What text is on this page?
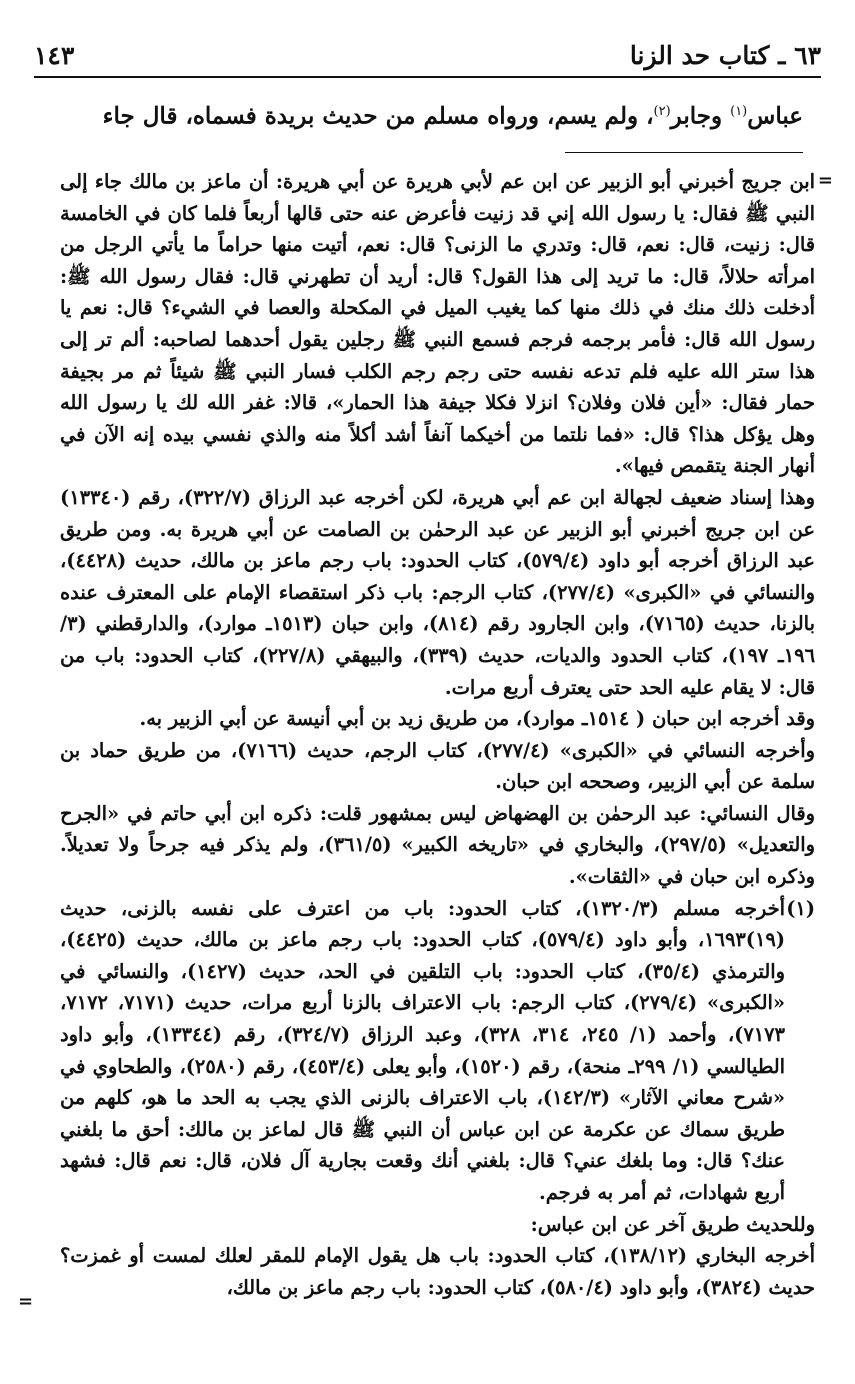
١٤٣	٦٣ ـ كتاب حد الزنا
عباس$^{(١)}$ وجابر$^{(٢)}$، ولم يسم، ورواه مسلم من حديث بريدة فسماه، قال جاء
=

ابن جريج أخبرني أبو الزبير عن ابن عم لأبي هريرة عن أبي هريرة: أن ماعز بن مالك جاء إلى النبي ﷺ فقال: يا رسول الله إني قد زنيت فأعرض عنه حتى قالها أربعاً فلما كان في الخامسة قال: زنيت، قال: نعم، قال: وتدري ما الزنى؟ قال: نعم، أتيت منها حراماً ما يأتي الرجل من امرأته حلالاً، قال: ما تريد إلى هذا القول؟ قال: أريد أن تطهرني قال: فقال رسول الله ﷺ: أدخلت ذلك منك في ذلك منها كما يغيب الميل في المكحلة والعصا في الشيء؟ قال: نعم يا رسول الله قال: فأمر برجمه فرجم فسمع النبي ﷺ رجلين يقول أحدهما لصاحبه: ألم تر إلى هذا ستر الله عليه فلم تدعه نفسه حتى رجم رجم الكلب فسار النبي ﷺ شيئاً ثم مر بجيفة حمار فقال: «أين فلان وفلان؟ انزلا فكلا جيفة هذا الحمار»، قالا: غفر الله لك يا رسول الله وهل يؤكل هذا؟ قال: «فما نلتما من أخيكما آنفاً أشد أكلاً منه والذي نفسي بيده إنه الآن في أنهار الجنة يتقمص فيها».

وهذا إسناد ضعيف لجهالة ابن عم أبي هريرة، لكن أخرجه عبد الرزاق (٣٢٢/٧)، رقم (١٣٣٤٠) عن ابن جريج أخبرني أبو الزبير عن عبد الرحمٰن بن الصامت عن أبي هريرة به. ومن طريق عبد الرزاق أخرجه أبو داود (٥٧٩/٤)، كتاب الحدود: باب رجم ماعز بن مالك، حديث (٤٤٢٨)، والنسائي في «الكبرى» (٢٧٧/٤)، كتاب الرجم: باب ذكر استقصاء الإمام على المعترف عنده بالزنا، حديث (٧١٦٥)، وابن الجارود رقم (٨١٤)، وابن حبان (١٥١٣ـ موارد)، والدارقطني (٣/ ١٩٦ـ ١٩٧)، كتاب الحدود والديات، حديث (٣٣٩)، والبيهقي (٢٢٧/٨)، كتاب الحدود: باب من قال: لا يقام عليه الحد حتى يعترف أربع مرات.

وقد أخرجه ابن حبان ( ١٥١٤ـ موارد)، من طريق زيد بن أبي أنيسة عن أبي الزبير به.

وأخرجه النسائي في «الكبرى» (٢٧٧/٤)، كتاب الرجم، حديث (٧١٦٦)، من طريق حماد بن سلمة عن أبي الزبير، وصححه ابن حبان.

وقال النسائي: عبد الرحمٰن بن الهضهاض ليس بمشهور قلت: ذكره ابن أبي حاتم في «الجرح والتعديل» (٢٩٧/٥)، والبخاري في «تاريخه الكبير» (٣٦١/٥)، ولم يذكر فيه جرحاً ولا تعديلاً. وذكره ابن حبان في «الثقات».

(١)
أخرجه مسلم (١٣٢٠/٣)، كتاب الحدود: باب من اعترف على نفسه بالزنى، حديث (١٩)١٦٩٣، وأبو داود (٥٧٩/٤)، كتاب الحدود: باب رجم ماعز بن مالك، حديث (٤٤٢٥)، والترمذي (٣٥/٤)، كتاب الحدود: باب التلقين في الحد، حديث (١٤٢٧)، والنسائي في «الكبرى» (٢٧٩/٤)، كتاب الرجم: باب الاعتراف بالزنا أربع مرات، حديث (٧١٧١، ٧١٧٢، ٧١٧٣)، وأحمد (١/ ٢٤٥، ٣١٤، ٣٢٨)، وعبد الرزاق (٣٢٤/٧)، رقم (١٣٣٤٤)، وأبو داود الطيالسي (١/ ٢٩٩ـ منحة)، رقم (١٥٢٠)، وأبو يعلى (٤٥٣/٤)، رقم (٢٥٨٠)، والطحاوي في «شرح معاني الآثار» (١٤٢/٣)، باب الاعتراف بالزنى الذي يجب به الحد ما هو، كلهم من طريق سماك عن عكرمة عن ابن عباس أن النبي ﷺ قال لماعز بن مالك: أحق ما بلغني عنك؟ قال: وما بلغك عني؟ قال: بلغني أنك وقعت بجارية آل فلان، قال: نعم قال: فشهد أربع شهادات، ثم أمر به فرجم.

وللحديث طريق آخر عن ابن عباس:

أخرجه البخاري (١٣٨/١٢)، كتاب الحدود: باب هل يقول الإمام للمقر لعلك لمست أو غمزت؟ حديث (٣٨٢٤)، وأبو داود (٥٨٠/٤)، كتاب الحدود: باب رجم ماعز بن مالك،

=
